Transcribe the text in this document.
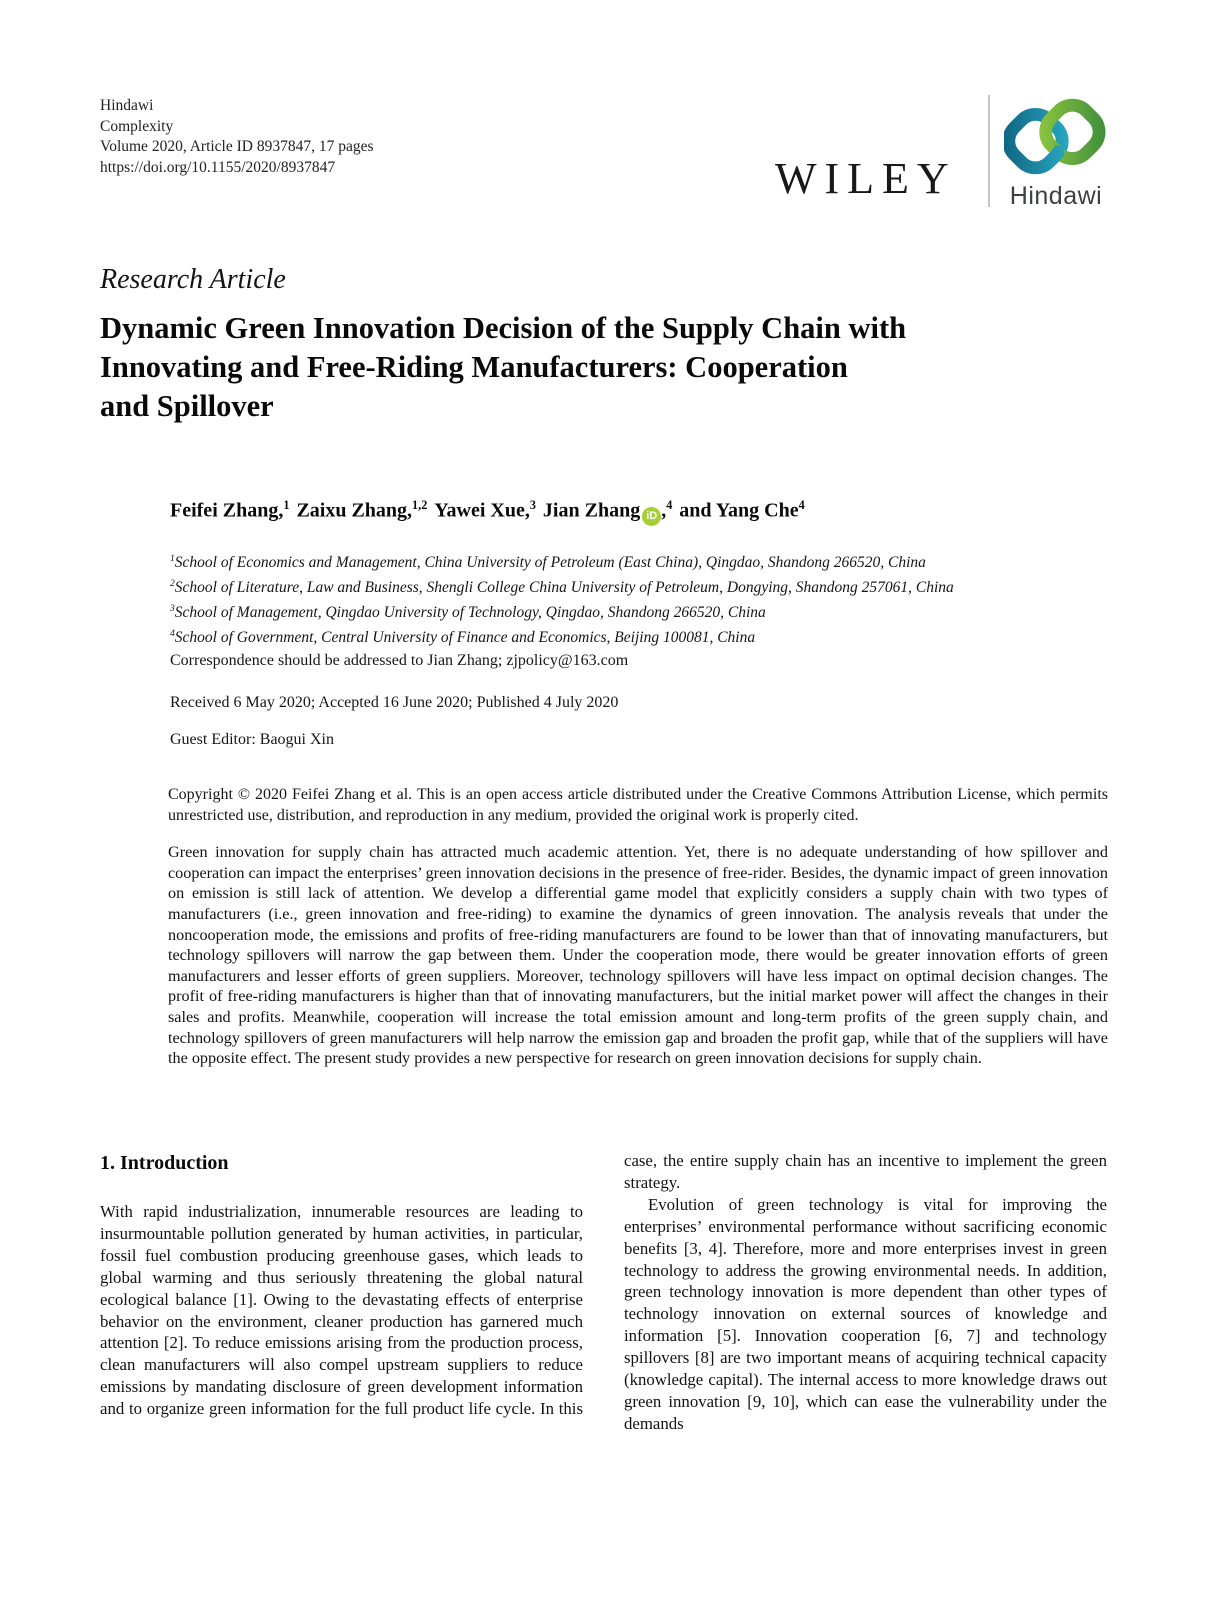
Hindawi
Complexity
Volume 2020, Article ID 8937847, 17 pages
https://doi.org/10.1155/2020/8937847	WILEY	Hindawi
Research Article
Dynamic Green Innovation Decision of the Supply Chain with
Innovating and Free-Riding Manufacturers: Cooperation
and Spillover
Feifei Zhang,$^1$ Zaixu Zhang,$^{1,2}$ Yawei Xue,$^3$ Jian Zhang iD ,$^4$ and Yang Che$^4$
$^1$School of Economics and Management, China University of Petroleum (East China), Qingdao, Shandong 266520, China
$^2$School of Literature, Law and Business, Shengli College China University of Petroleum, Dongying, Shandong 257061, China
$^3$School of Management, Qingdao University of Technology, Qingdao, Shandong 266520, China
$^4$School of Government, Central University of Finance and Economics, Beijing 100081, China
Correspondence should be addressed to Jian Zhang; zjpolicy@163.com
Received 6 May 2020; Accepted 16 June 2020; Published 4 July 2020
Guest Editor: Baogui Xin

Copyright © 2020 Feifei Zhang et al. This is an open access article distributed under the Creative Commons Attribution License, which permits unrestricted use, distribution, and reproduction in any medium, provided the original work is properly cited.

Green innovation for supply chain has attracted much academic attention. Yet, there is no adequate understanding of how spillover and cooperation can impact the enterprises’ green innovation decisions in the presence of free-rider. Besides, the dynamic impact of green innovation on emission is still lack of attention. We develop a differential game model that explicitly considers a supply chain with two types of manufacturers (i.e., green innovation and free-riding) to examine the dynamics of green innovation. The analysis reveals that under the noncooperation mode, the emissions and profits of free-riding manufacturers are found to be lower than that of innovating manufacturers, but technology spillovers will narrow the gap between them. Under the cooperation mode, there would be greater innovation efforts of green manufacturers and lesser efforts of green suppliers. Moreover, technology spillovers will have less impact on optimal decision changes. The profit of free-riding manufacturers is higher than that of innovating manufacturers, but the initial market power will affect the changes in their sales and profits. Meanwhile, cooperation will increase the total emission amount and long-term profits of the green supply chain, and technology spillovers of green manufacturers will help narrow the emission gap and broaden the profit gap, while that of the suppliers will have the opposite effect. The present study provides a new perspective for research on green innovation decisions for supply chain.

1. Introduction

With rapid industrialization, innumerable resources are leading to insurmountable pollution generated by human activities, in particular, fossil fuel combustion producing greenhouse gases, which leads to global warming and thus seriously threatening the global natural ecological balance [1]. Owing to the devastating effects of enterprise behavior on the environment, cleaner production has garnered much attention [2]. To reduce emissions arising from the production process, clean manufacturers will also compel upstream suppliers to reduce emissions by mandating disclosure of green development information and to organize green information for the full product life cycle. In this

case, the entire supply chain has an incentive to implement the green strategy.

Evolution of green technology is vital for improving the enterprises’ environmental performance without sacrificing economic benefits [3, 4]. Therefore, more and more enterprises invest in green technology to address the growing environmental needs. In addition, green technology innovation is more dependent than other types of technology innovation on external sources of knowledge and information [5]. Innovation cooperation [6, 7] and technology spillovers [8] are two important means of acquiring technical capacity (knowledge capital). The internal access to more knowledge draws out green innovation [9, 10], which can ease the vulnerability under the demands
